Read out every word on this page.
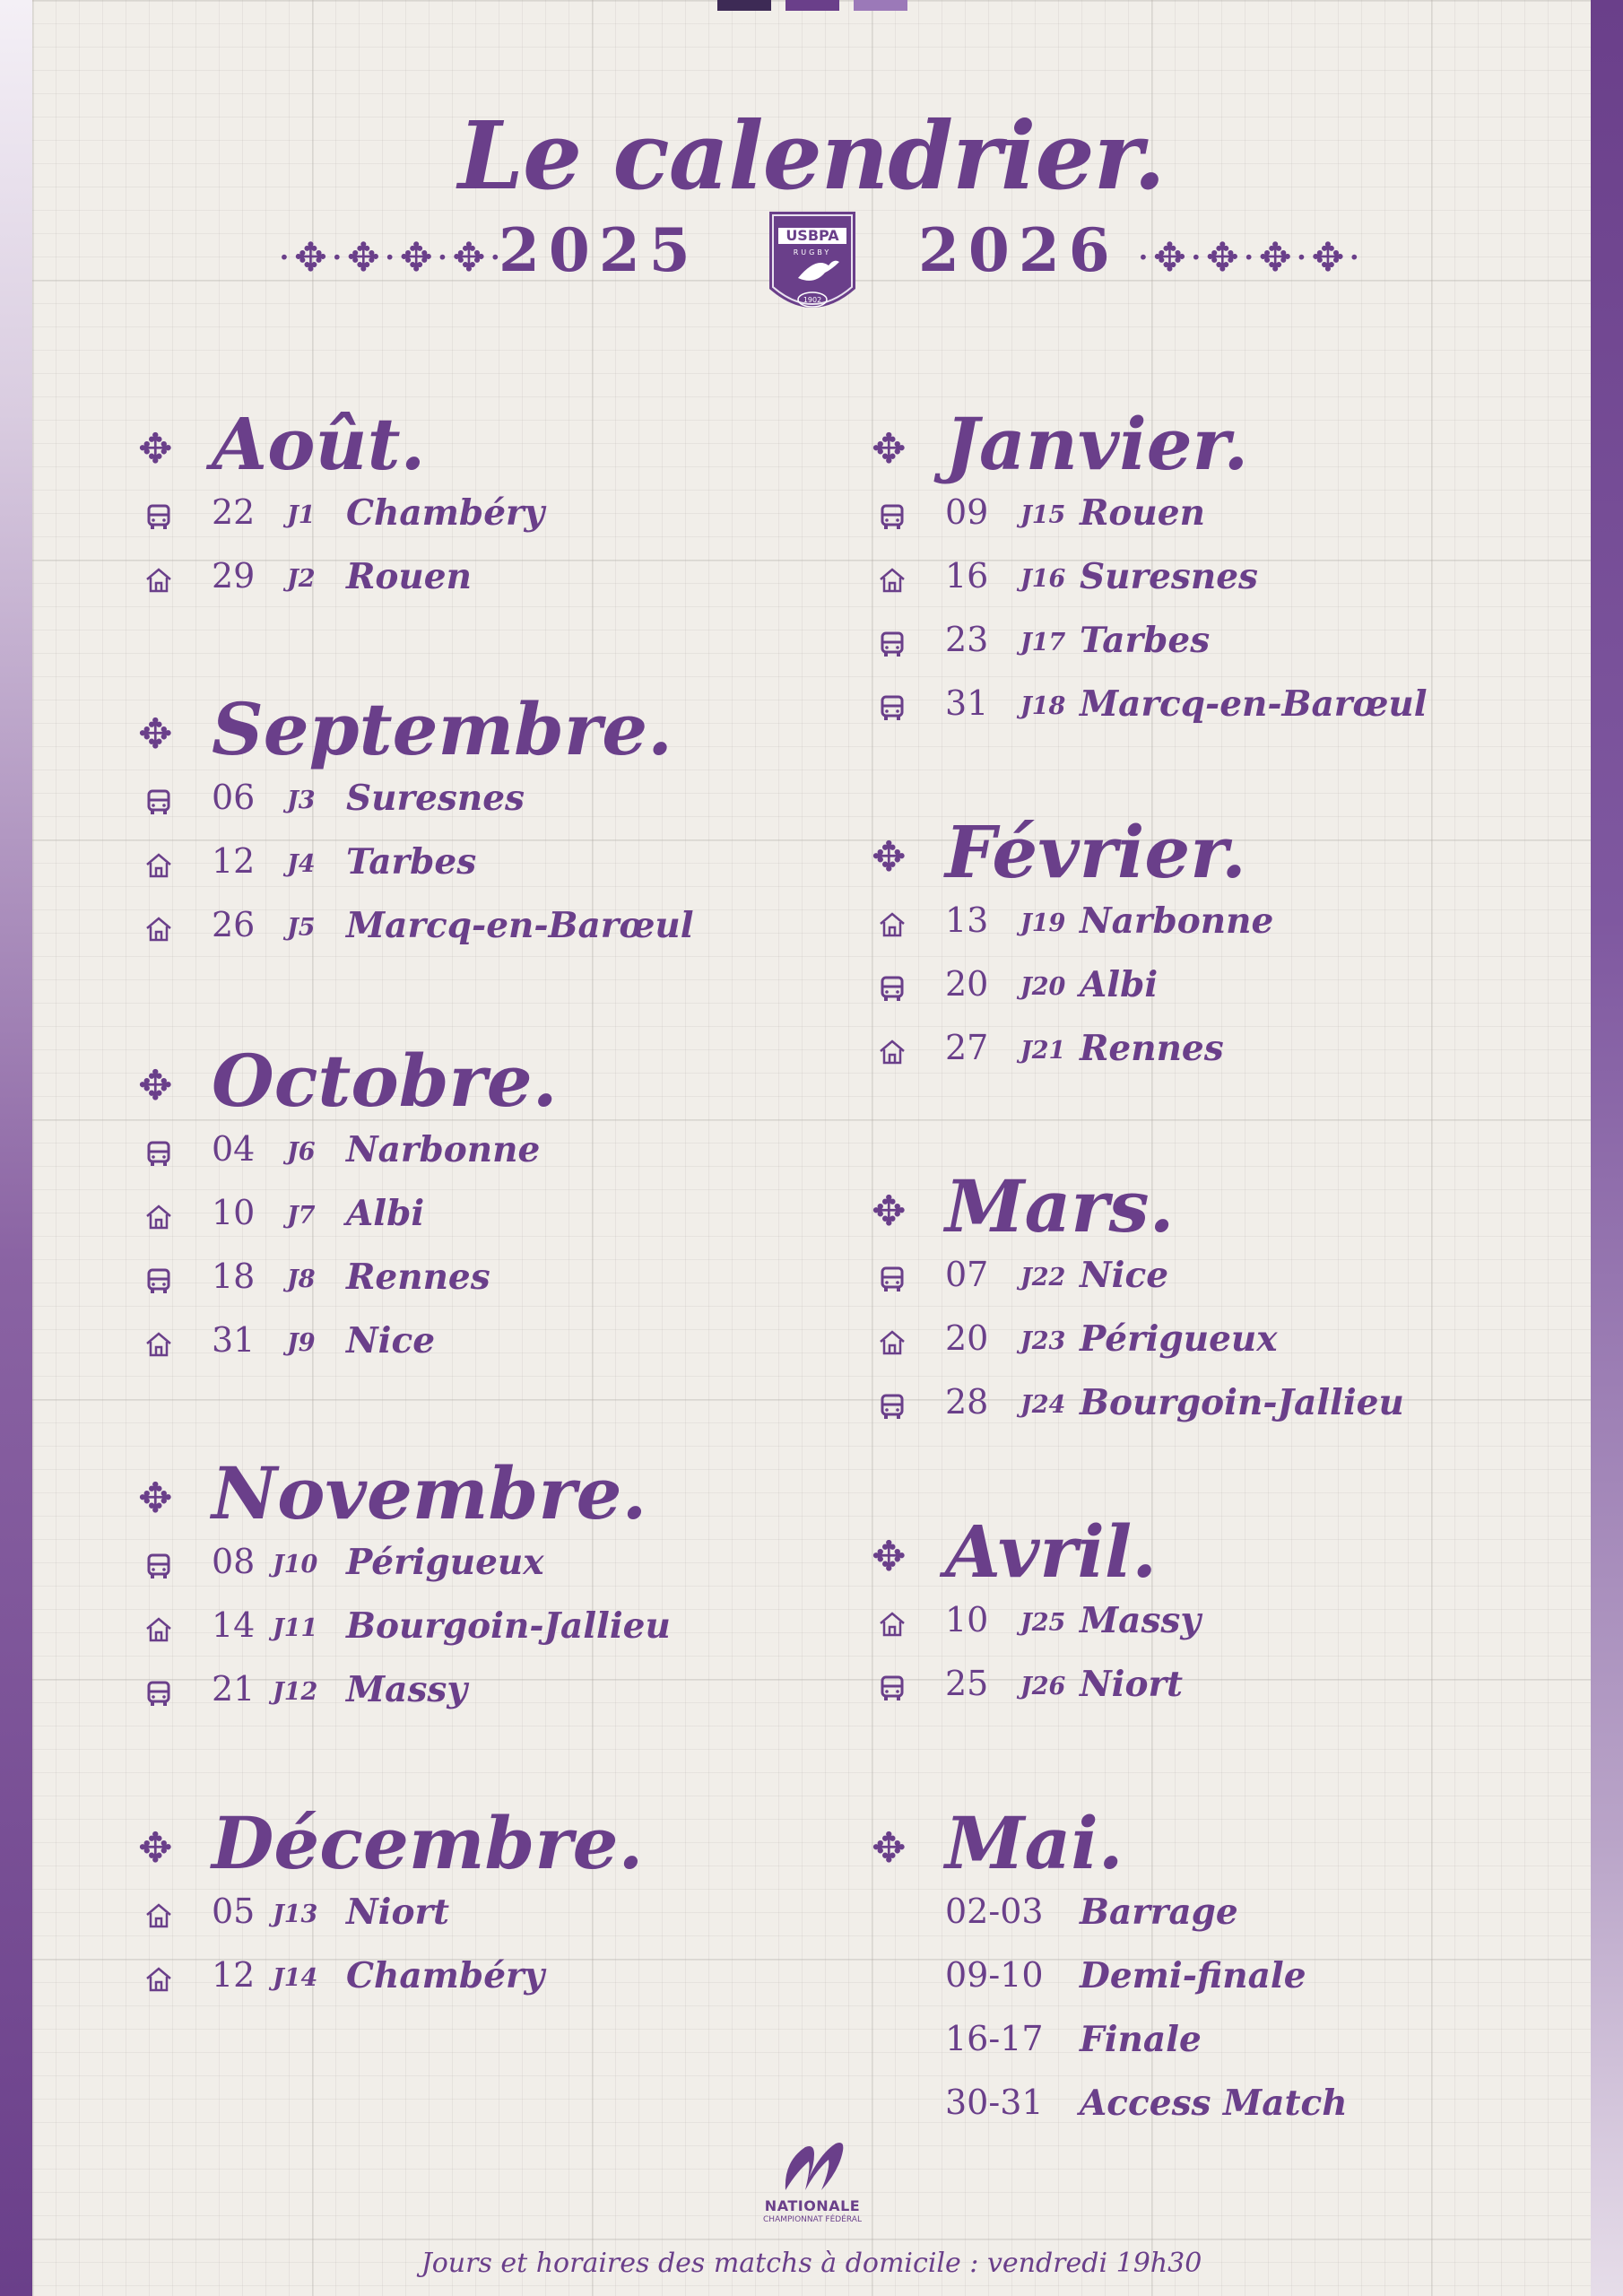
Le calendrier.
·✥·✥·✥·✥·
2025	USBPA
RUGBY
1902
2026 ·✥·✥·✥·✥·
✥ Août.
22 J1 Chambéry
29 J2 Rouen
✥ Septembre.
06 J3 Suresnes
12 J4 Tarbes
26 J5 Marcq-en-Barœul
✥ Octobre.
04 J6 Narbonne
10 J7 Albi
18 J8 Rennes
31 J9 Nice
✥ Novembre.
08 J10 Périgueux
14 J11 Bourgoin-Jallieu
21 J12 Massy
✥ Décembre.
05 J13 Niort
12 J14 Chambéry
✥ Janvier.
09 J15 Rouen
16 J16 Suresnes
23 J17 Tarbes
31 J18 Marcq-en-Barœul
✥ Février.
13 J19 Narbonne
20 J20 Albi
27 J21 Rennes
✥ Mars.
07 J22 Nice
20 J23 Périgueux
28 J24 Bourgoin-Jallieu
✥ Avril.
10 J25 Massy
25 J26 Niort
✥ Mai.
02-03 Barrage
09-10 Demi-finale
16-17 Finale
30-31 Access Match
NATIONALE
CHAMPIONNAT FÉDÉRAL
Jours et horaires des matchs à domicile : vendredi 19h30
